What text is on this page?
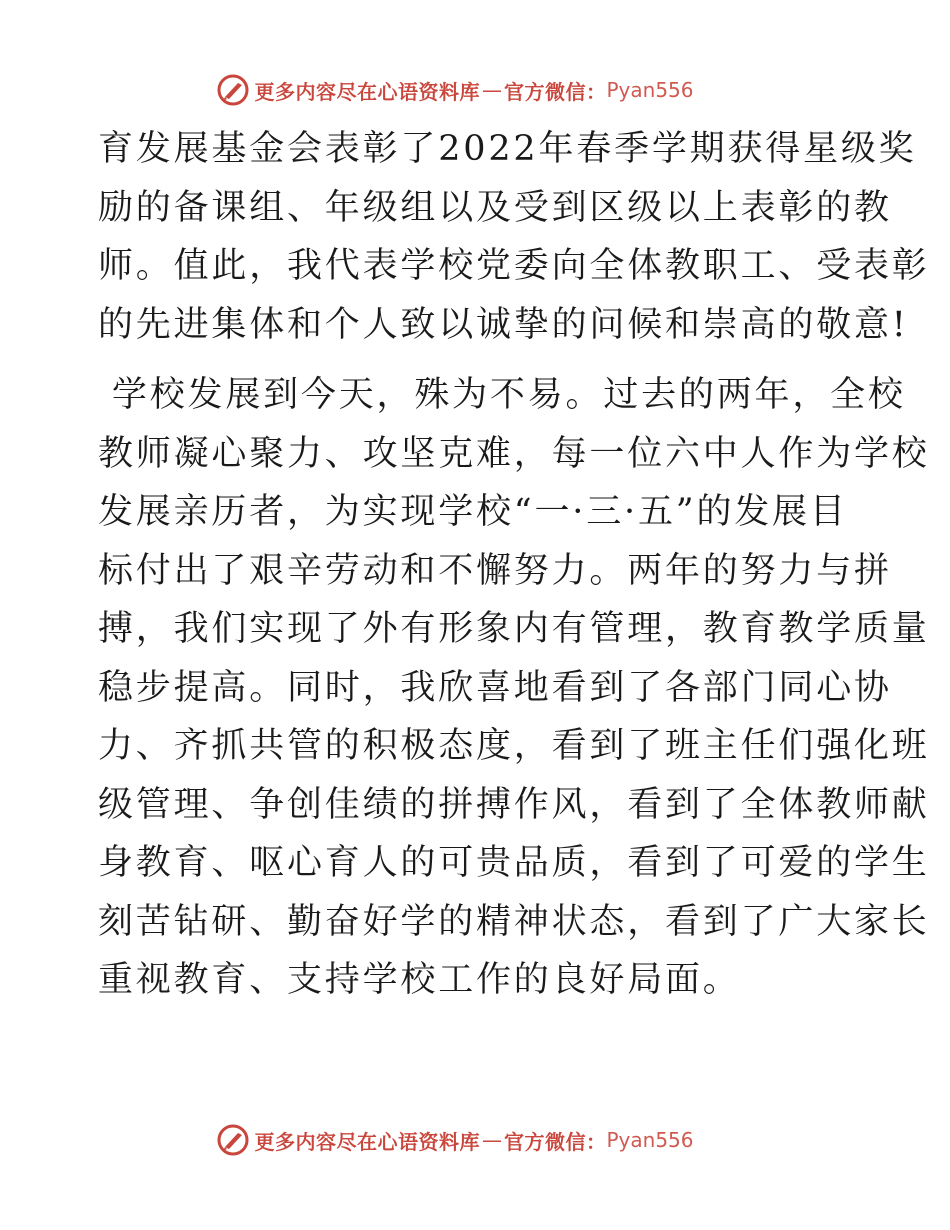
更多内容尽在心语资料库 — 官方微信： Pyan556

育发展基金会表彰了2022年春季学期获得星级奖
励的备课组、年级组以及受到区级以上表彰的教
师。值此，我代表学校党委向全体教职工、受表彰
的先进集体和个人致以诚挚的问候和崇高的敬意!

学校发展到今天，殊为不易。过去的两年，全校
教师凝心聚力、攻坚克难，每一位六中人作为学校
发展亲历者，为实现学校“一·三·五”的发展目
标付出了艰辛劳动和不懈努力。两年的努力与拼
搏，我们实现了外有形象内有管理，教育教学质量
稳步提高。同时，我欣喜地看到了各部门同心协
力、齐抓共管的积极态度，看到了班主任们强化班
级管理、争创佳绩的拼搏作风，看到了全体教师献
身教育、呕心育人的可贵品质，看到了可爱的学生
刻苦钻研、勤奋好学的精神状态，看到了广大家长
重视教育、支持学校工作的良好局面。

更多内容尽在心语资料库 — 官方微信： Pyan556
